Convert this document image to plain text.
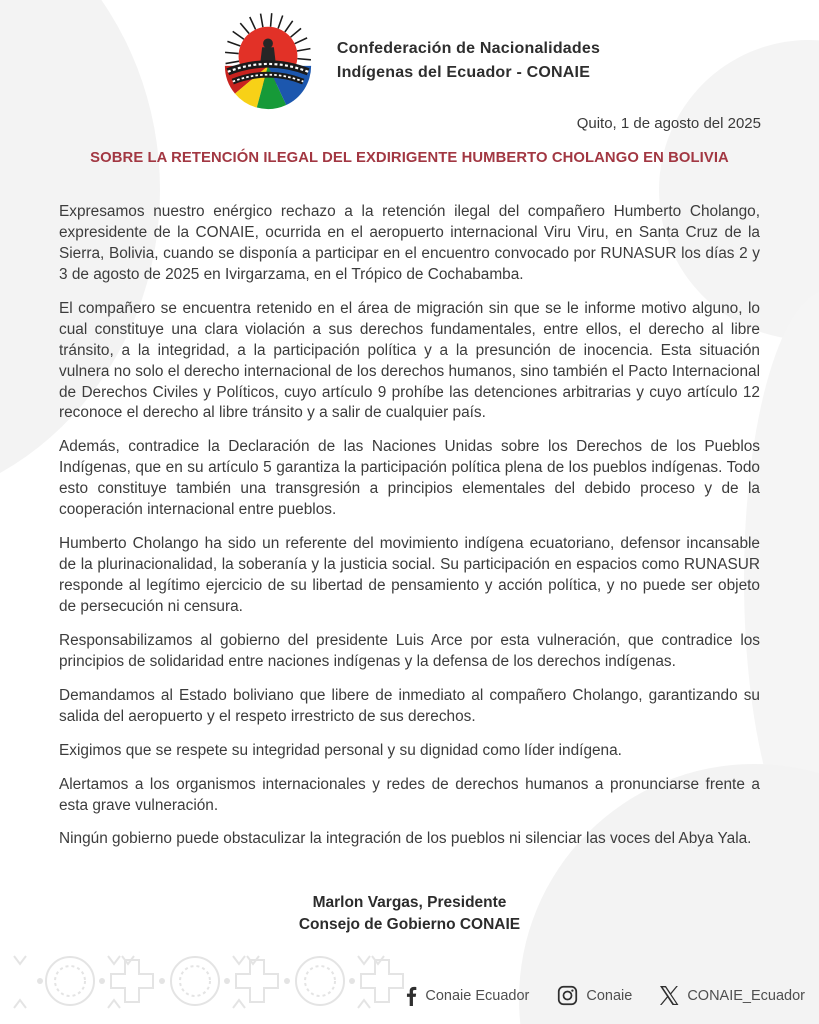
Confederación de Nacionalidades
Indígenas del Ecuador - CONAIE
Quito, 1 de agosto del 2025
SOBRE LA RETENCIÓN ILEGAL DEL EXDIRIGENTE HUMBERTO CHOLANGO EN BOLIVIA

Expresamos nuestro enérgico rechazo a la retención ilegal del compañero Humberto Cholango, expresidente de la CONAIE, ocurrida en el aeropuerto internacional Viru Viru, en Santa Cruz de la Sierra, Bolivia, cuando se disponía a participar en el encuentro convocado por RUNASUR los días 2 y 3 de agosto de 2025 en Ivirgarzama, en el Trópico de Cochabamba.

El compañero se encuentra retenido en el área de migración sin que se le informe motivo alguno, lo cual constituye una clara violación a sus derechos fundamentales, entre ellos, el derecho al libre tránsito, a la integridad, a la participación política y a la presunción de inocencia. Esta situación vulnera no solo el derecho internacional de los derechos humanos, sino también el Pacto Internacional de Derechos Civiles y Políticos, cuyo artículo 9 prohíbe las detenciones arbitrarias y cuyo artículo 12 reconoce el derecho al libre tránsito y a salir de cualquier país.

Además, contradice la Declaración de las Naciones Unidas sobre los Derechos de los Pueblos Indígenas, que en su artículo 5 garantiza la participación política plena de los pueblos indígenas. Todo esto constituye también una transgresión a principios elementales del debido proceso y de la cooperación internacional entre pueblos.

Humberto Cholango ha sido un referente del movimiento indígena ecuatoriano, defensor incansable de la plurinacionalidad, la soberanía y la justicia social. Su participación en espacios como RUNASUR responde al legítimo ejercicio de su libertad de pensamiento y acción política, y no puede ser objeto de persecución ni censura.

Responsabilizamos al gobierno del presidente Luis Arce por esta vulneración, que contradice los principios de solidaridad entre naciones indígenas y la defensa de los derechos indígenas.

Demandamos al Estado boliviano que libere de inmediato al compañero Cholango, garantizando su salida del aeropuerto y el respeto irrestricto de sus derechos.

Exigimos que se respete su integridad personal y su dignidad como líder indígena.

Alertamos a los organismos internacionales y redes de derechos humanos a pronunciarse frente a esta grave vulneración.

Ningún gobierno puede obstaculizar la integración de los pueblos ni silenciar las voces del Abya Yala.

Marlon Vargas, Presidente
Consejo de Gobierno CONAIE
Conaie Ecuador	Conaie	CONAIE_Ecuador
